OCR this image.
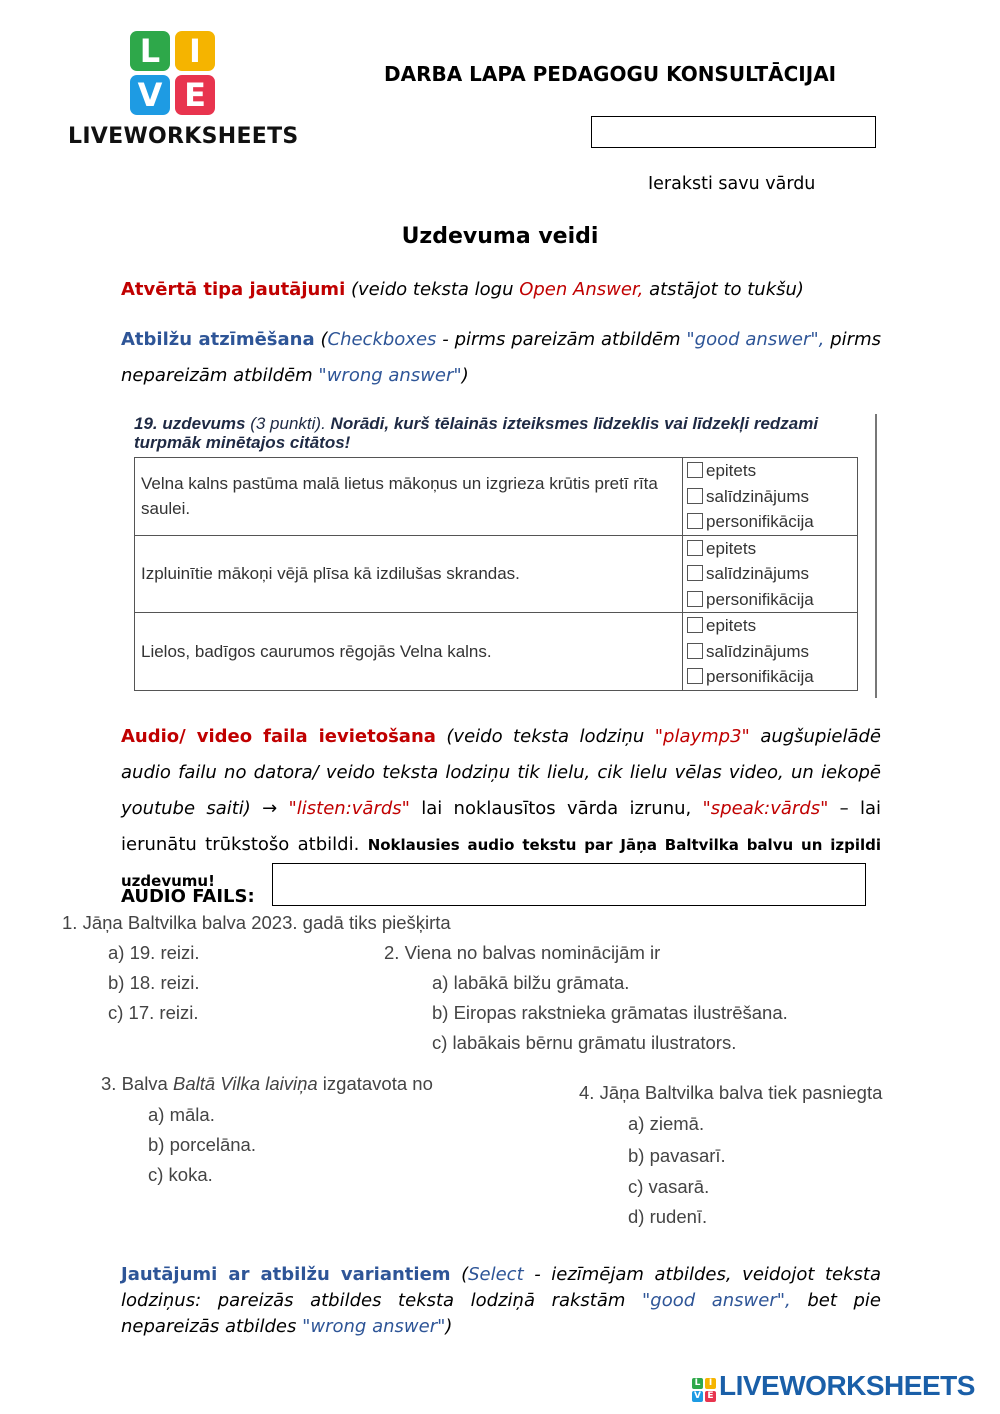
L I
V E
LIVEWORKSHEETS
DARBA LAPA PEDAGOGU KONSULTĀCIJAI
Ieraksti savu vārdu
Uzdevuma veidi
Atvērtā tipa jautājumi (veido teksta logu Open Answer, atstājot to tukšu)
Atbilžu atzīmēšana (Checkboxes - pirms pareizām atbildēm "good answer", pirms nepareizām atbildēm "wrong answer")
19. uzdevums (3 punkti). Norādi, kurš tēlainās izteiksmes līdzeklis vai līdzekļi redzami turpmāk minētajos citātos!
Velna kalns pastūma malā lietus mākoņus un izgrieza krūtis pretī rīta saulei.	epitets
salīdzinājums
personifikācija

Izpluinītie mākoņi vējā plīsa kā izdilušas skrandas.	epitets
salīdzinājums
personifikācija

Lielos, badīgos caurumos rēgojās Velna kalns.	epitets
salīdzinājums
personifikācija
Audio/ video faila ievietošana (veido teksta lodziņu "playmp3" augšupielādē audio failu no datora/ veido teksta lodziņu tik lielu, cik lielu vēlas video, un iekopē youtube saiti) → "listen:vārds" lai noklausītos vārda izrunu, "speak:vārds" – lai ierunātu trūkstošo atbildi. Noklausies audio tekstu par Jāņa Baltvilka balvu un izpildi uzdevumu!
AUDIO FAILS:
1. Jāņa Baltvilka balva 2023. gadā tiks piešķirta
a) 19. reizi.
b) 18. reizi.
c) 17. reizi.
2. Viena no balvas nominācijām ir
a) labākā bilžu grāmata.
b) Eiropas rakstnieka grāmatas ilustrēšana.
c) labākais bērnu grāmatu ilustrators.
3. Balva Baltā Vilka laiviņa izgatavota no
a) māla.
b) porcelāna.
c) koka.
4. Jāņa Baltvilka balva tiek pasniegta
a) ziemā.
b) pavasarī.
c) vasarā.
d) rudenī.
Jautājumi ar atbilžu variantiem (Select - iezīmējam atbildes, veidojot teksta lodziņus: pareizās atbildes teksta lodziņā rakstām "good answer", bet pie nepareizās atbildes "wrong answer")
L I
V E LIVEWORKSHEETS
